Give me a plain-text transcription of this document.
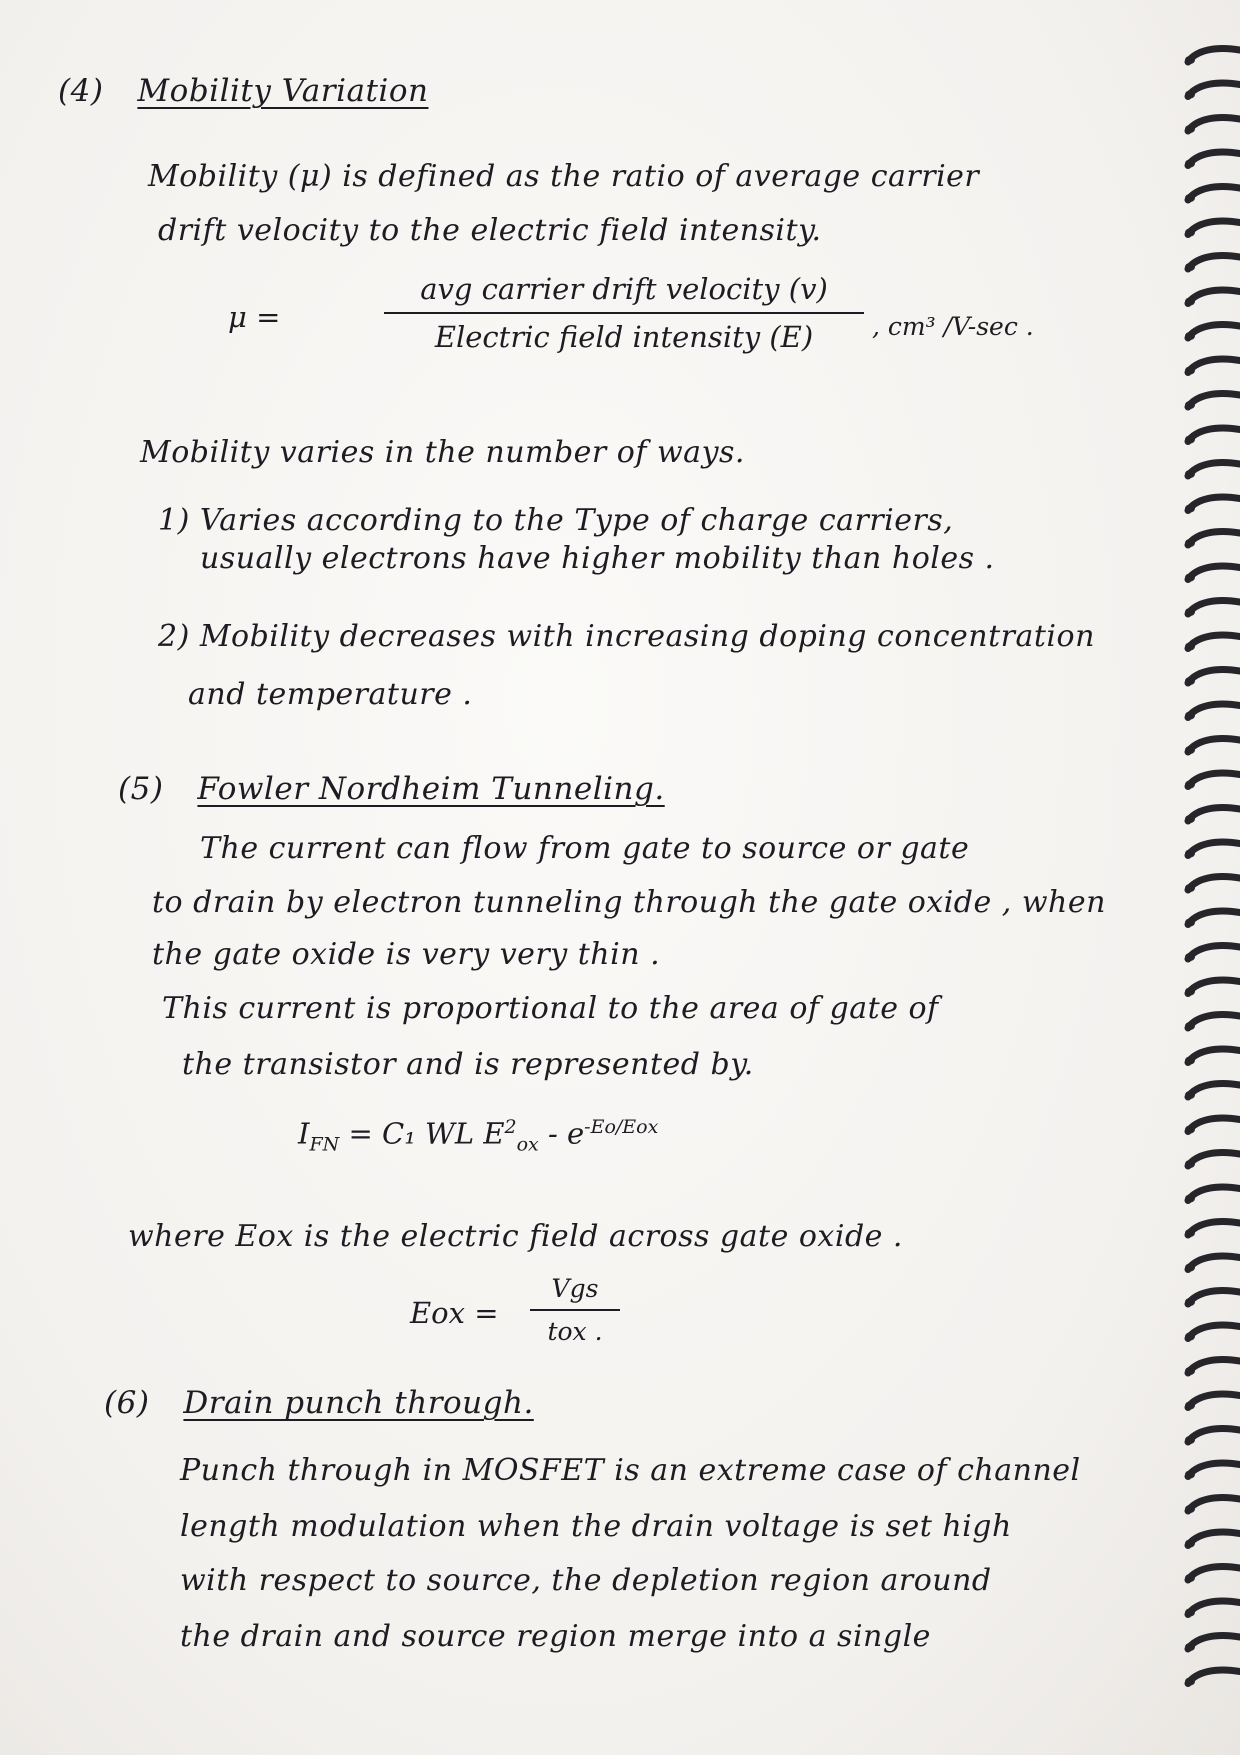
(4) Mobility Variation
Mobility (μ) is defined as the ratio of average carrier
drift velocity to the electric field intensity.
μ =
avg carrier drift velocity (v)
Electric field intensity (E)	, cm³ /V-sec .
Mobility varies in the number of ways.
1) Varies according to the Type of charge carriers,
usually electrons have higher mobility than holes .
2) Mobility decreases with increasing doping concentration
and temperature .
(5) Fowler Nordheim Tunneling.
The current can flow from gate to source or gate
to drain by electron tunneling through the gate oxide , when
the gate oxide is very very thin .
This current is proportional to the area of gate of
the transistor and is represented by.
$I_{FN} = C_1$ WL $E^2_{ox} - e^{-Eo/Eox}$
where Eox is the electric field across gate oxide .
Eox =
Vgs
tox .
(6) Drain punch through.
Punch through in MOSFET is an extreme case of channel
length modulation when the drain voltage is set high
with respect to source, the depletion region around
the drain and source region merge into a single
